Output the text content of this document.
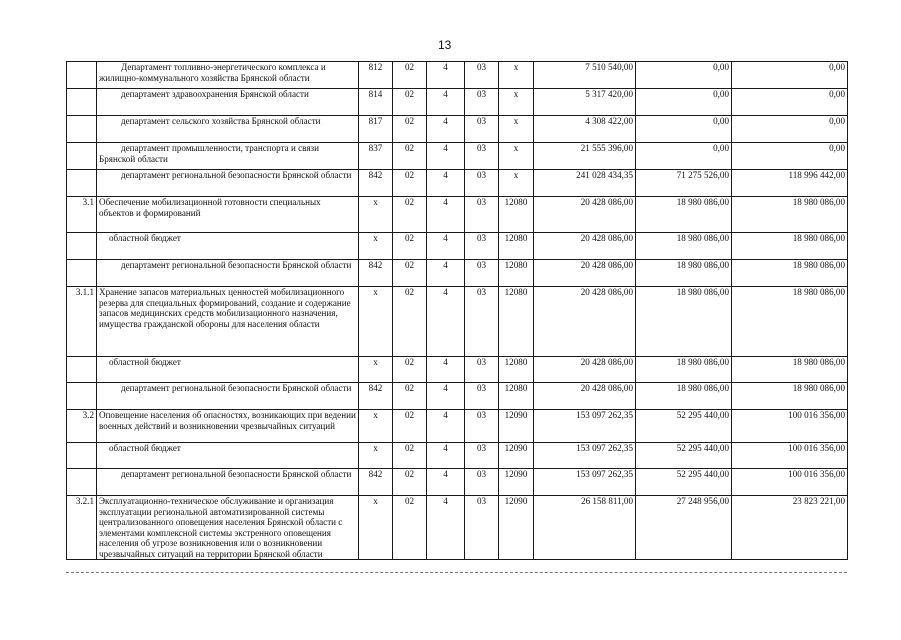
13
	Департамент топливно-энергетического комплекса и жилищно-коммунального хозяйства Брянской области	812	02	4	03	х	7 510 540,00	0,00	0,00
	департамент здравоохранения Брянской области	814	02	4	03	х	5 317 420,00	0,00	0,00
	департамент сельского хозяйства Брянской области	817	02	4	03	х	4 308 422,00	0,00	0,00
	департамент промышленности, транспорта и связи Брянской области	837	02	4	03	х	21 555 396,00	0,00	0,00
	департамент региональной безопасности Брянской области	842	02	4	03	х	241 028 434,35	71 275 526,00	118 996 442,00
3.1	Обеспечение мобилизационной готовности специальных объектов и формирований	х	02	4	03	12080	20 428 086,00	18 980 086,00	18 980 086,00
	областной бюджет	х	02	4	03	12080	20 428 086,00	18 980 086,00	18 980 086,00
	департамент региональной безопасности Брянской области	842	02	4	03	12080	20 428 086,00	18 980 086,00	18 980 086,00
3.1.1	Хранение запасов материальных ценностей мобилизационного резерва для специальных формирований, создание и содержание запасов медицинских средств мобилизационного назначения, имущества гражданской обороны для населения области	х	02	4	03	12080	20 428 086,00	18 980 086,00	18 980 086,00
	областной бюджет	х	02	4	03	12080	20 428 086,00	18 980 086,00	18 980 086,00
	департамент региональной безопасности Брянской области	842	02	4	03	12080	20 428 086,00	18 980 086,00	18 980 086,00
3.2	Оповещение населения об опасностях, возникающих при ведении военных действий и возникновении чрезвычайных ситуаций	х	02	4	03	12090	153 097 262,35	52 295 440,00	100 016 356,00
	областной бюджет	х	02	4	03	12090	153 097 262,35	52 295 440,00	100 016 356,00
	департамент региональной безопасности Брянской области	842	02	4	03	12090	153 097 262,35	52 295 440,00	100 016 356,00
3.2.1	Эксплуатационно-техническое обслуживание и организация эксплуатации региональной автоматизированной системы централизованного оповещения населения Брянской области с элементами комплексной системы экстренного оповещения населения об угрозе возникновения или о возникновении чрезвычайных ситуаций на территории Брянской области	х	02	4	03	12090	26 158 811,00	27 248 956,00	23 823 221,00
